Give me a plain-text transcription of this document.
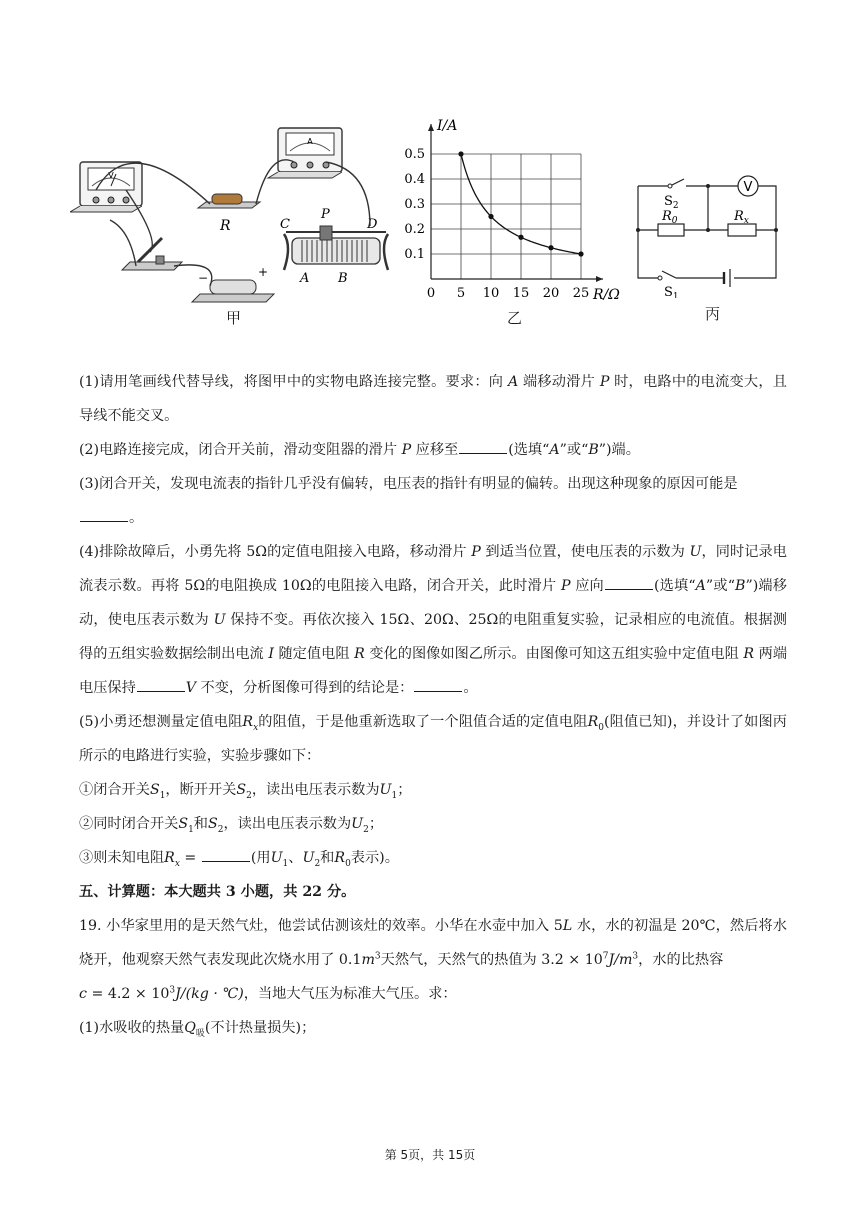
V
A
R	C
P
D
A B
−	+
甲
0 5 10 15 20 25
0.1
0.2
0.3
0.4
0.5
R/Ω
I/A
乙
V
$S_2$
$R_0$	$R_x$
$S_1$
丙

(1)请用笔画线代替导线，将图甲中的实物电路连接完整。要求：向 A 端移动滑片 P 时，电路中的电流变大，且导线不能交叉。

(2)电路连接完成，闭合开关前，滑动变阻器的滑片 P 应移至	(选填“A”或“B”)端。

(3)闭合开关，发现电流表的指针几乎没有偏转，电压表的指针有明显的偏转。出现这种现象的原因可能是
。

(4)排除故障后，小勇先将 5Ω的定值电阻接入电路，移动滑片 P 到适当位置，使电压表的示数为 U，同时记录电流表示数。再将 5Ω的电阻换成 10Ω的电阻接入电路，闭合开关，此时滑片 P 应向	(选填“A”或“B”)端移动，使电压表示数为 U 保持不变。再依次接入 15Ω、20Ω、25Ω的电阻重复实验，记录相应的电流值。根据测得的五组实验数据绘制出电流 I 随定值电阻 R 变化的图像如图乙所示。由图像可知这五组实验中定值电阻 R 两端电压保持	V 不变，分析图像可得到的结论是：	。

(5)小勇还想测量定值电阻$R_x$的阻值，于是他重新选取了一个阻值合适的定值电阻$R_0$(阻值已知)，并设计了如图丙所示的电路进行实验，实验步骤如下：

①闭合开关$S_1$，断开开关$S_2$，读出电压表示数为$U_1$；

②同时闭合开关$S_1$和$S_2$，读出电压表示数为$U_2$；

③则未知电阻$R_x$ =	(用$U_1$、$U_2$和$R_0$表示)。

五、计算题：本大题共 3 小题，共 22 分。

19. 小华家里用的是天然气灶，他尝试估测该灶的效率。小华在水壶中加入 5L 水，水的初温是 20℃，然后将水烧开，他观察天然气表发现此次烧水用了 $0.1m^3$天然气，天然气的热值为 $3.2 \times 10^7J/m^3$，水的比热容
$c = 4.2 \times 10^3J/(kg$ · ℃)，当地大气压为标准大气压。求：

(1)水吸收的热量$Q_吸$(不计热量损失)；

第 5页，共 15页
